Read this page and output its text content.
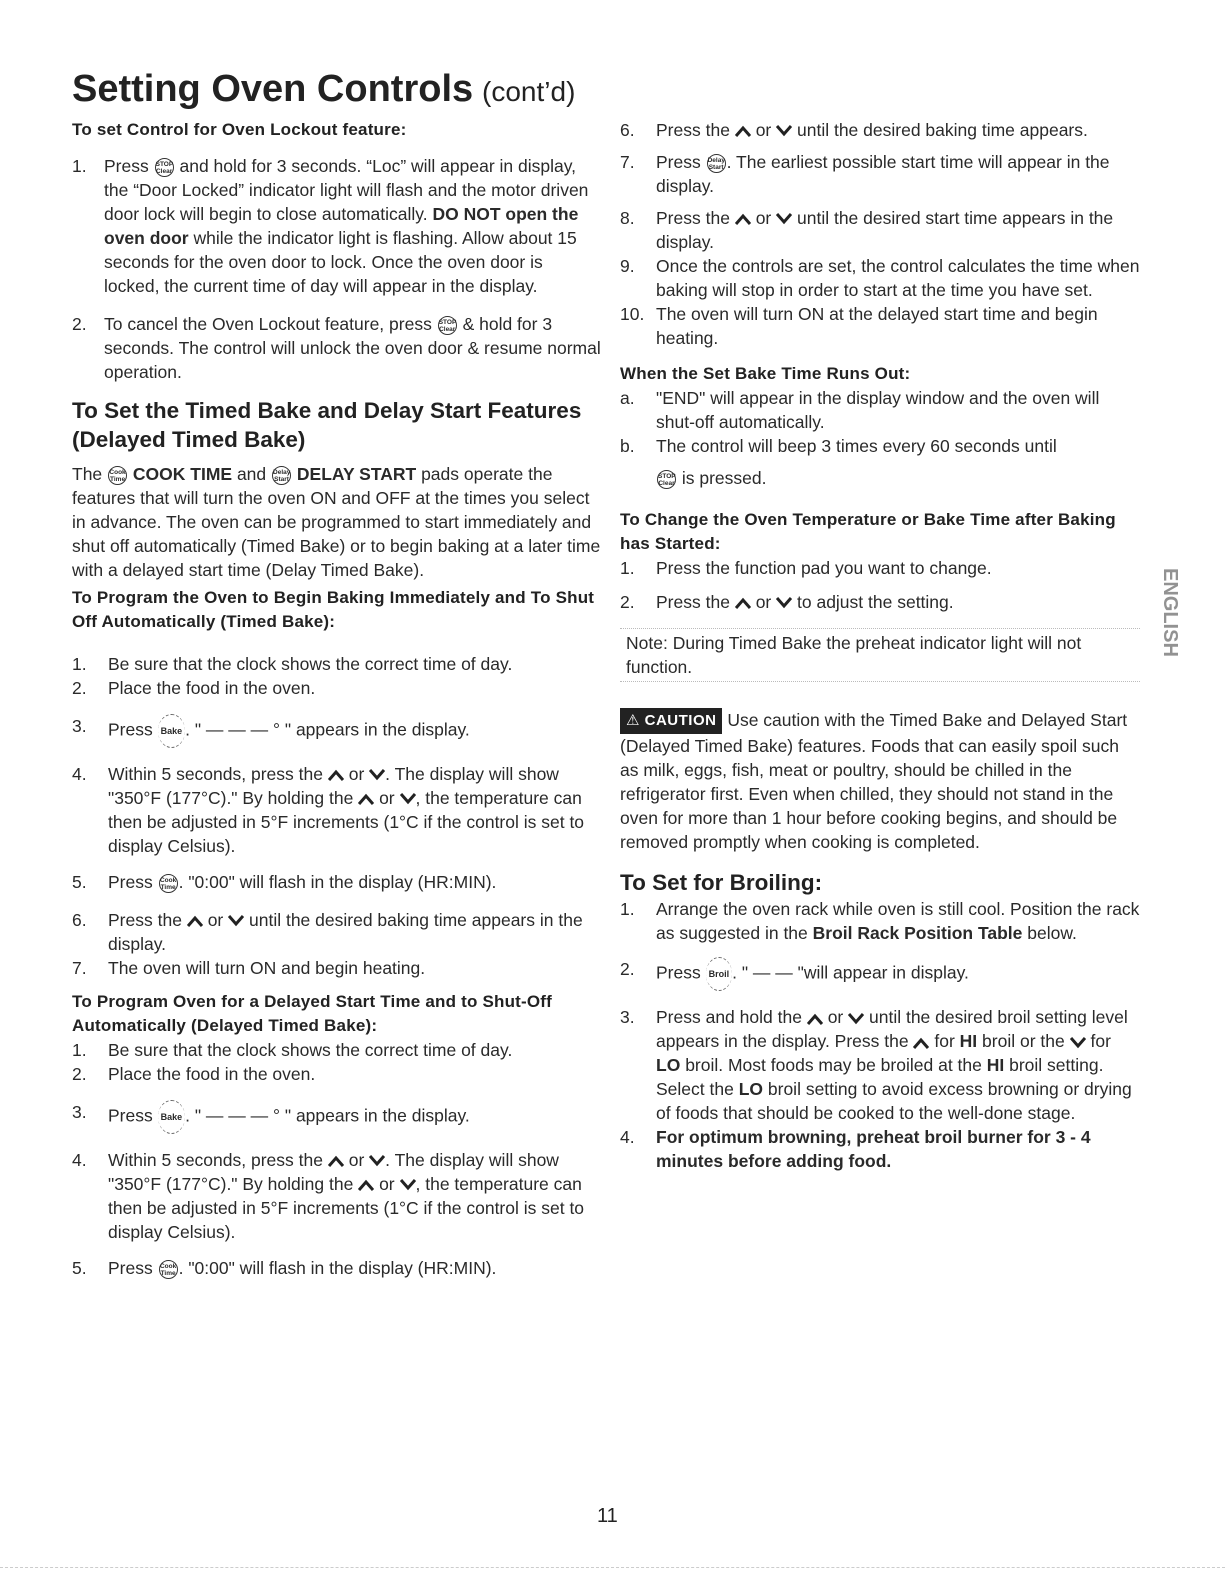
Setting Oven Controls (cont’d)

To set Control for Oven Lockout feature:

1. Press STOP
Clear and hold for 3 seconds. “Loc” will appear in display, the “Door Locked” indicator light will flash and the motor driven door lock will begin to close automatically. DO NOT open the oven door while the indicator light is flashing. Allow about 15 seconds for the oven door to lock. Once the oven door is locked, the current time of day will appear in the display.
2. To cancel the Oven Lockout feature, press STOP
Clear & hold for 3 seconds. The control will unlock the oven door & resume normal operation.

To Set the Timed Bake and Delay Start Features (Delayed Timed Bake)

The Cook
Time COOK TIME and Delay
Start DELAY START pads operate the features that will turn the oven ON and OFF at the times you select in advance. The oven can be programmed to start immediately and shut off automatically (Timed Bake) or to begin baking at a later time with a delayed start time (Delay Timed Bake).

To Program the Oven to Begin Baking Immediately and To Shut Off Automatically (Timed Bake):

1. Be sure that the clock shows the correct time of day.
2. Place the food in the oven.
3. Press Bake . " — — — ° " appears in the display.
4. Within 5 seconds, press the or . The display will show "350°F (177°C)." By holding the or , the temperature can then be adjusted in 5°F increments (1°C if the control is set to display Celsius).
5. Press Cook
Time . "0:00" will flash in the display (HR:MIN).
6. Press the or until the desired baking time appears in the display.
7. The oven will turn ON and begin heating.

To Program Oven for a Delayed Start Time and to Shut-Off Automatically (Delayed Timed Bake):

1. Be sure that the clock shows the correct time of day.
2. Place the food in the oven.
3. Press Bake . " — — — ° " appears in the display.
4. Within 5 seconds, press the or . The display will show "350°F (177°C)." By holding the or , the temperature can then be adjusted in 5°F increments (1°C if the control is set to display Celsius).
5. Press Cook
Time . "0:00" will flash in the display (HR:MIN).
6. Press the or until the desired baking time appears.
7. Press Delay
Start . The earliest possible start time will appear in the display.
8. Press the or until the desired start time appears in the display.
9. Once the controls are set, the control calculates the time when baking will stop in order to start at the time you have set.
10. The oven will turn ON at the delayed start time and begin heating.

When the Set Bake Time Runs Out:

a. "END" will appear in the display window and the oven will shut-off automatically.
b. The control will beep 3 times every 60 seconds until
STOP
Clear is pressed.

To Change the Oven Temperature or Bake Time after Baking has Started:

1. Press the function pad you want to change.
2. Press the or to adjust the setting.

Note: During Timed Bake the preheat indicator light will not function.

⚠ CAUTION Use caution with the Timed Bake and Delayed Start (Delayed Timed Bake) features. Foods that can easily spoil such as milk, eggs, fish, meat or poultry, should be chilled in the refrigerator first. Even when chilled, they should not stand in the oven for more than 1 hour before cooking begins, and should be removed promptly when cooking is completed.

To Set for Broiling:

1. Arrange the oven rack while oven is still cool. Position the rack as suggested in the Broil Rack Position Table below.
2. Press Broil . " — — "will appear in display.
3. Press and hold the or until the desired broil setting level appears in the display. Press the for HI broil or the for LO broil. Most foods may be broiled at the HI broil setting. Select the LO broil setting to avoid excess browning or drying of foods that should be cooked to the well-done stage.
4. For optimum browning, preheat broil burner for 3 - 4 minutes before adding food.
ENGLISH
11
